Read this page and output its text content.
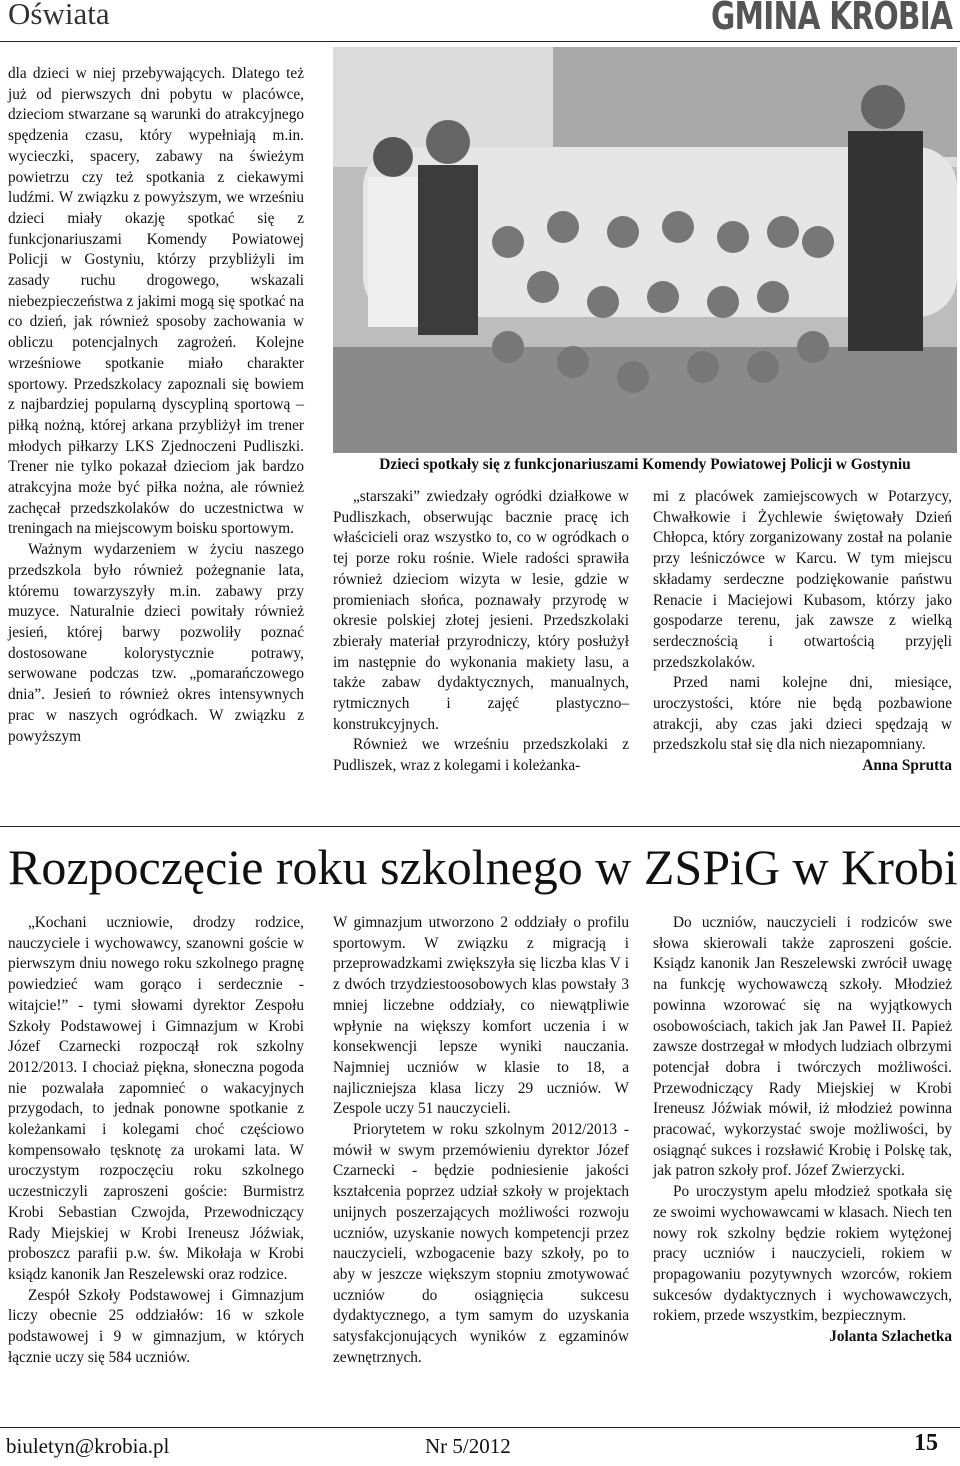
Oświata	GMINA KROBIA

dla dzieci w niej przebywających. Dlatego też już od pierwszych dni pobytu w placówce, dzieciom stwarzane są warunki do atrakcyjnego spędzenia czasu, który wypełniają m.in. wycieczki, spacery, zabawy na świeżym powietrzu czy też spotkania z ciekawymi ludźmi. W związku z powyższym, we wrześniu dzieci miały okazję spotkać się z funkcjonariuszami Komendy Powiatowej Policji w Gostyniu, którzy przybliżyli im zasady ruchu drogowego, wskazali niebezpieczeństwa z jakimi mogą się spotkać na co dzień, jak również sposoby zachowania w obliczu potencjalnych zagrożeń. Kolejne wrześniowe spotkanie miało charakter sportowy. Przedszkolacy zapoznali się bowiem z najbardziej popularną dyscypliną sportową – piłką nożną, której arkana przybliżył im trener młodych piłkarzy LKS Zjednoczeni Pudliszki. Trener nie tylko pokazał dzieciom jak bardzo atrakcyjna może być piłka nożna, ale również zachęcał przedszkolaków do uczestnictwa w treningach na miejscowym boisku sportowym.

Ważnym wydarzeniem w życiu naszego przedszkola było również pożegnanie lata, któremu towarzyszyły m.in. zabawy przy muzyce. Naturalnie dzieci powitały również jesień, której barwy pozwoliły poznać dostosowane kolorystycznie potrawy, serwowane podczas tzw. „pomarańczowego dnia”. Jesień to również okres intensywnych prac w naszych ogródkach. W związku z powyższym

Dzieci spotkały się z funkcjonariuszami Komendy Powiatowej Policji w Gostyniu

„starszaki” zwiedzały ogródki działkowe w Pudliszkach, obserwując bacznie pracę ich właścicieli oraz wszystko to, co w ogródkach o tej porze roku rośnie. Wiele radości sprawiła również dzieciom wizyta w lesie, gdzie w promieniach słońca, poznawały przyrodę w okresie polskiej złotej jesieni. Przedszkolaki zbierały materiał przyrodniczy, który posłużył im następnie do wykonania makiety lasu, a także zabaw dydaktycznych, manualnych, rytmicznych i zajęć plastyczno–konstrukcyjnych.

Również we wrześniu przedszkolaki z Pudliszek, wraz z kolegami i koleżanka-

mi z placówek zamiejscowych w Potarzycy, Chwałkowie i Żychlewie świętowały Dzień Chłopca, który zorganizowany został na polanie przy leśniczówce w Karcu. W tym miejscu składamy serdeczne podziękowanie państwu Renacie i Maciejowi Kubasom, którzy jako gospodarze terenu, jak zawsze z wielką serdecznością i otwartością przyjęli przedszkolaków.

Przed nami kolejne dni, miesiące, uroczystości, które nie będą pozbawione atrakcji, aby czas jaki dzieci spędzają w przedszkolu stał się dla nich niezapomniany.

Anna Sprutta

Rozpoczęcie roku szkolnego w ZSPiG w Krobi

„Kochani uczniowie, drodzy rodzice, nauczyciele i wychowawcy, szanowni goście w pierwszym dniu nowego roku szkolnego pragnę powiedzieć wam gorąco i serdecznie - witajcie!” - tymi słowami dyrektor Zespołu Szkoły Podstawowej i Gimnazjum w Krobi Józef Czarnecki rozpoczął rok szkolny 2012/2013. I chociaż piękna, słoneczna pogoda nie pozwalała zapomnieć o wakacyjnych przygodach, to jednak ponowne spotkanie z koleżankami i kolegami choć częściowo kompensowało tęsknotę za urokami lata. W uroczystym rozpoczęciu roku szkolnego uczestniczyli zaproszeni goście: Burmistrz Krobi Sebastian Czwojda, Przewodniczący Rady Miejskiej w Krobi Ireneusz Jóźwiak, proboszcz parafii p.w. św. Mikołaja w Krobi ksiądz kanonik Jan Reszelewski oraz rodzice.

Zespół Szkoły Podstawowej i Gimnazjum liczy obecnie 25 oddziałów: 16 w szkole podstawowej i 9 w gimnazjum, w których łącznie uczy się 584 uczniów.

W gimnazjum utworzono 2 oddziały o profilu sportowym. W związku z migracją i przeprowadzkami zwiększyła się liczba klas V i z dwóch trzydziestoosobowych klas powstały 3 mniej liczebne oddziały, co niewątpliwie wpłynie na większy komfort uczenia i w konsekwencji lepsze wyniki nauczania. Najmniej uczniów w klasie to 18, a najliczniejsza klasa liczy 29 uczniów. W Zespole uczy 51 nauczycieli.

Priorytetem w roku szkolnym 2012/2013 - mówił w swym przemówieniu dyrektor Józef Czarnecki - będzie podniesienie jakości kształcenia poprzez udział szkoły w projektach unijnych poszerzających możliwości rozwoju uczniów, uzyskanie nowych kompetencji przez nauczycieli, wzbogacenie bazy szkoły, po to aby w jeszcze większym stopniu zmotywować uczniów do osiągnięcia sukcesu dydaktycznego, a tym samym do uzyskania satysfakcjonujących wyników z egzaminów zewnętrznych.

Do uczniów, nauczycieli i rodziców swe słowa skierowali także zaproszeni goście. Ksiądz kanonik Jan Reszelewski zwrócił uwagę na funkcję wychowawczą szkoły. Młodzież powinna wzorować się na wyjątkowych osobowościach, takich jak Jan Paweł II. Papież zawsze dostrzegał w młodych ludziach olbrzymi potencjał dobra i twórczych możliwości. Przewodniczący Rady Miejskiej w Krobi Ireneusz Jóźwiak mówił, iż młodzież powinna pracować, wykorzystać swoje możliwości, by osiągnąć sukces i rozsławić Krobię i Polskę tak, jak patron szkoły prof. Józef Zwierzycki.

Po uroczystym apelu młodzież spotkała się ze swoimi wychowawcami w klasach. Niech ten nowy rok szkolny będzie rokiem wytężonej pracy uczniów i nauczycieli, rokiem w propagowaniu pozytywnych wzorców, rokiem sukcesów dydaktycznych i wychowawczych, rokiem, przede wszystkim, bezpiecznym.

Jolanta Szlachetka

biuletyn@krobia.pl	Nr 5/2012	15
